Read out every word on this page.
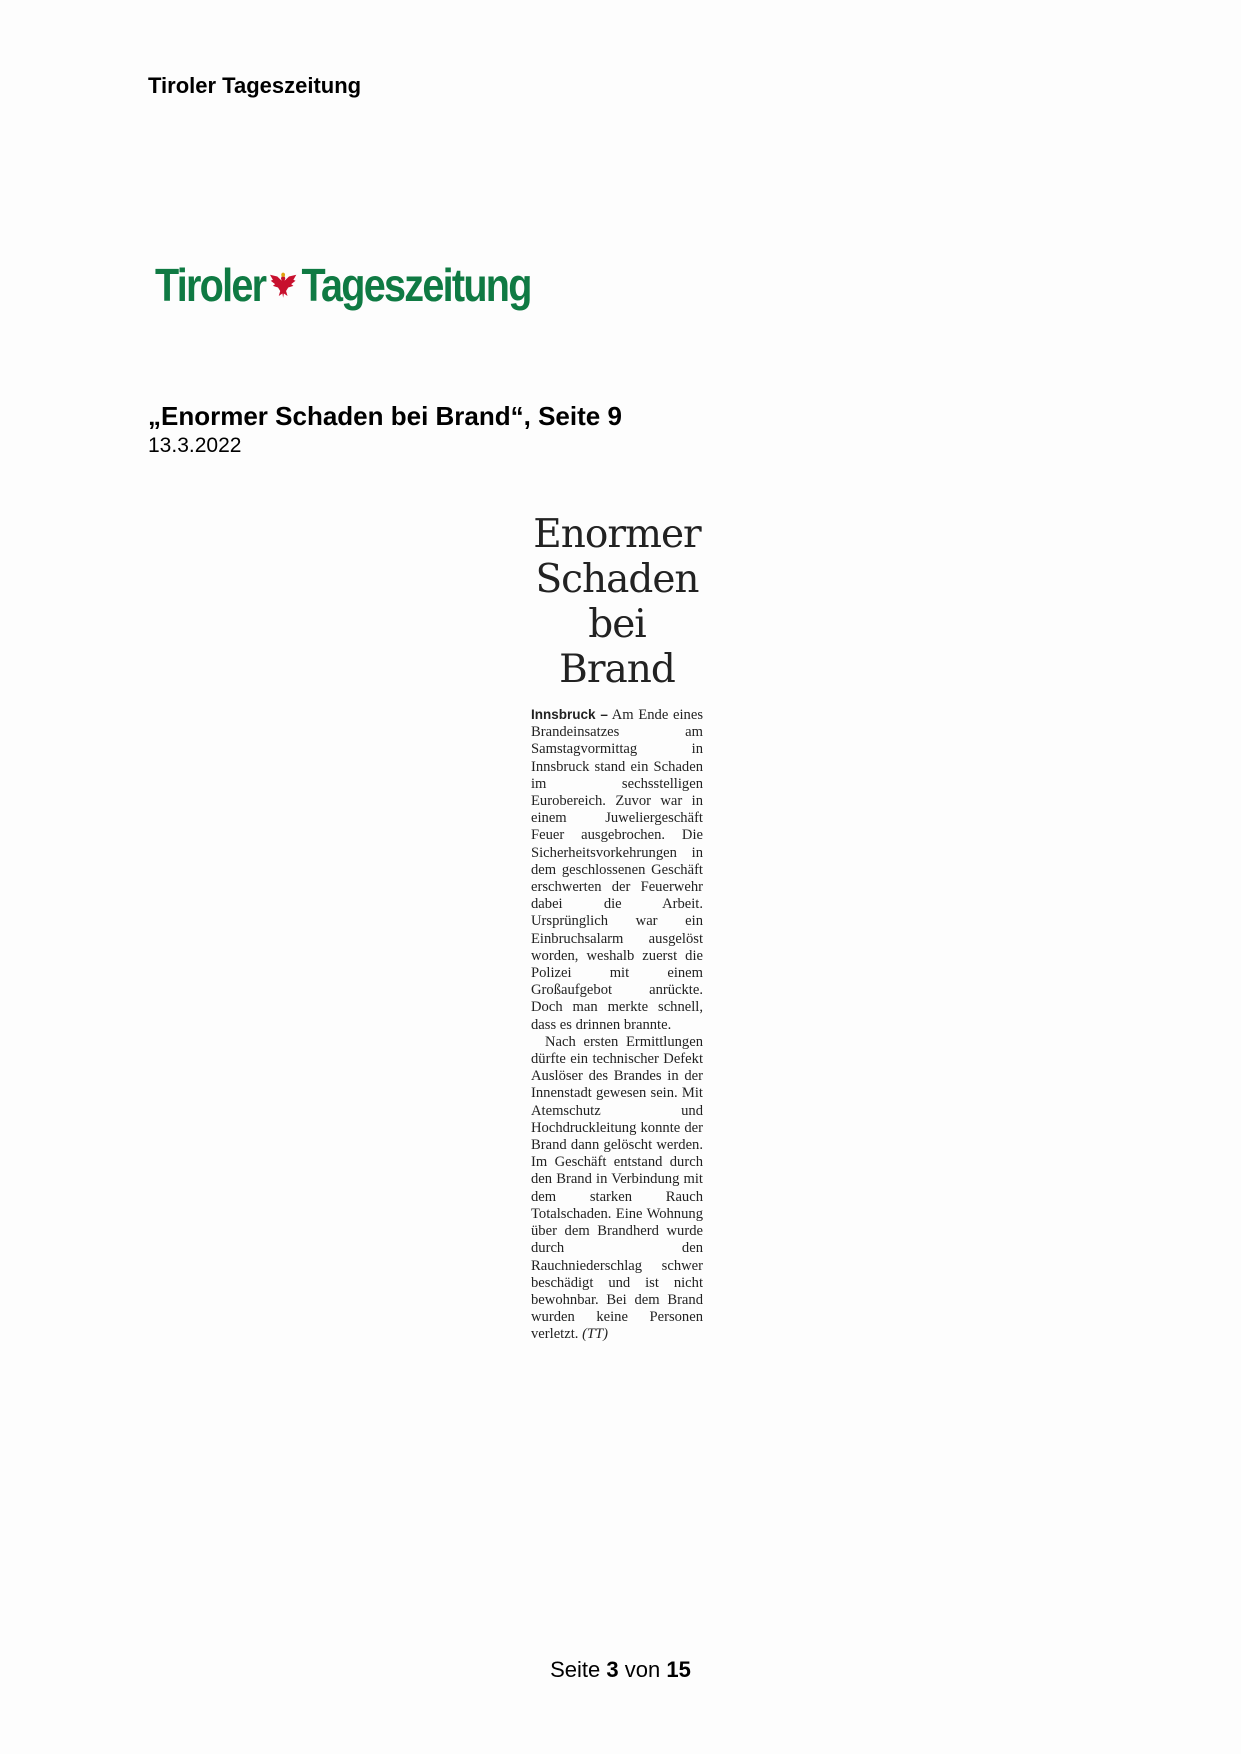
Tiroler Tageszeitung
Tiroler Tageszeitung
„Enormer Schaden bei Brand“, Seite 9
13.3.2022
Enormer
Schaden
bei Brand

Innsbruck – Am Ende eines Brandeinsatzes am Samstagvormittag in Innsbruck stand ein Schaden im sechsstelligen Eurobereich. Zuvor war in einem Juweliergeschäft Feuer ausgebrochen. Die Sicherheitsvorkehrungen in dem geschlossenen Geschäft erschwerten der Feuerwehr dabei die Arbeit. Ursprünglich war ein Einbruchsalarm ausgelöst worden, weshalb zuerst die Polizei mit einem Großaufgebot anrückte. Doch man merkte schnell, dass es drinnen brannte.

Nach ersten Ermittlungen dürfte ein technischer Defekt Auslöser des Brandes in der Innenstadt gewesen sein. Mit Atemschutz und Hochdruckleitung konnte der Brand dann gelöscht werden. Im Geschäft entstand durch den Brand in Verbindung mit dem starken Rauch Totalschaden. Eine Wohnung über dem Brandherd wurde durch den Rauchniederschlag schwer beschädigt und ist nicht bewohnbar. Bei dem Brand wurden keine Personen verletzt. (TT)

Seite 3 von 15
